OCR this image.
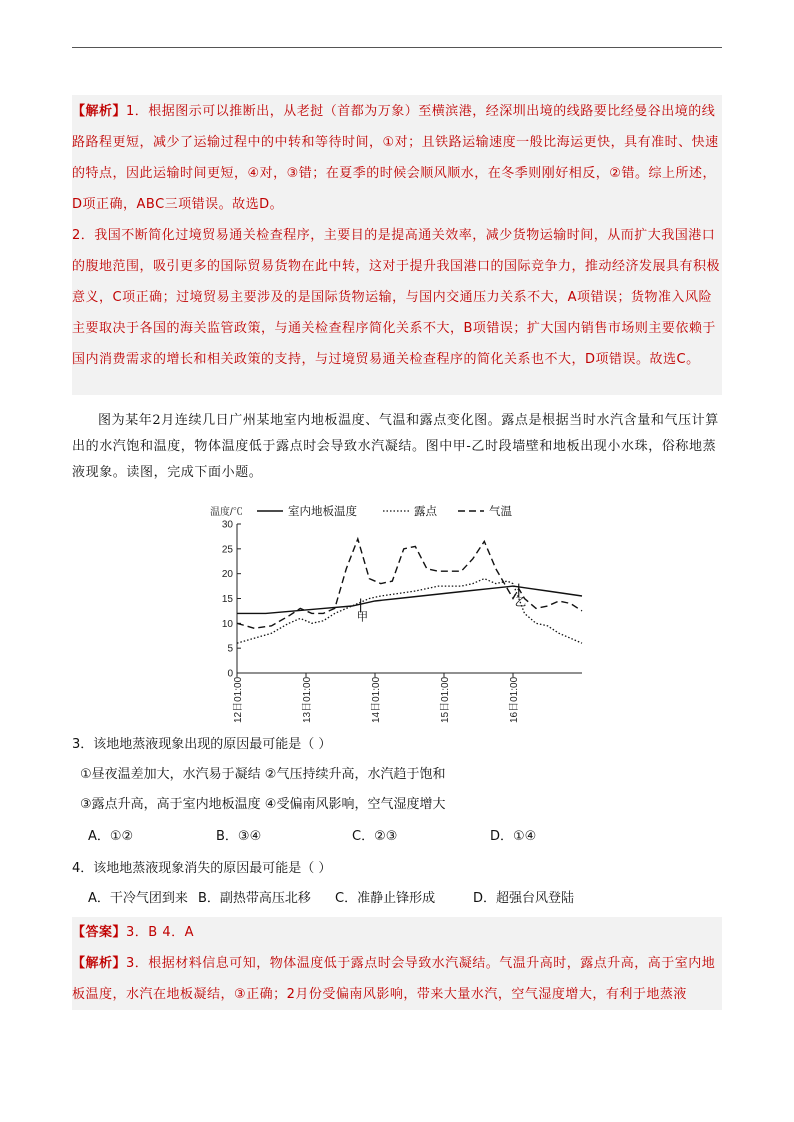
【解析】1．根据图示可以推断出，从老挝（首都为万象）至横滨港，经深圳出境的线路要比经曼谷出境的线路路程更短，减少了运输过程中的中转和等待时间，①对；且铁路运输速度一般比海运更快，具有准时、快速的特点，因此运输时间更短，④对，③错；在夏季的时候会顺风顺水，在冬季则刚好相反，②错。综上所述，D项正确，ABC三项错误。故选D。
2．我国不断简化过境贸易通关检查程序，主要目的是提高通关效率，减少货物运输时间，从而扩大我国港口的腹地范围，吸引更多的国际贸易货物在此中转，这对于提升我国港口的国际竞争力，推动经济发展具有积极意义，C项正确；过境贸易主要涉及的是国际货物运输，与国内交通压力关系不大，A项错误；货物准入风险主要取决于各国的海关监管政策，与通关检查程序简化关系不大，B项错误；扩大国内销售市场则主要依赖于国内消费需求的增长和相关政策的支持，与过境贸易通关检查程序的简化关系也不大，D项错误。故选C。
图为某年2月连续几日广州某地室内地板温度、气温和露点变化图。露点是根据当时水汽含量和气压计算出的水汽饱和温度，物体温度低于露点时会导致水汽凝结。图中甲-乙时段墙壁和地板出现小水珠，俗称地蒸液现象。读图，完成下面小题。
温度/℃
0
5
10
15
20
25
30
12日01:00	13日01:00	14日01:00	15日01:00	16日01:00
室内地板温度	露点	气温
甲
乙
3．该地地蒸液现象出现的原因最可能是（ ）
①昼夜温差加大，水汽易于凝结 ②气压持续升高，水汽趋于饱和
③露点升高，高于室内地板温度 ④受偏南风影响，空气湿度增大
A．①②	B．③④	C．②③	D．①④
4．该地地蒸液现象消失的原因最可能是（ ）
A．干冷气团到来 B．副热带高压北移 C．准静止锋形成	D．超强台风登陆
【答案】3．B 4．A
【解析】3．根据材料信息可知，物体温度低于露点时会导致水汽凝结。气温升高时，露点升高，高于室内地板温度，水汽在地板凝结，③正确；2月份受偏南风影响，带来大量水汽，空气湿度增大，有利于地蒸液
